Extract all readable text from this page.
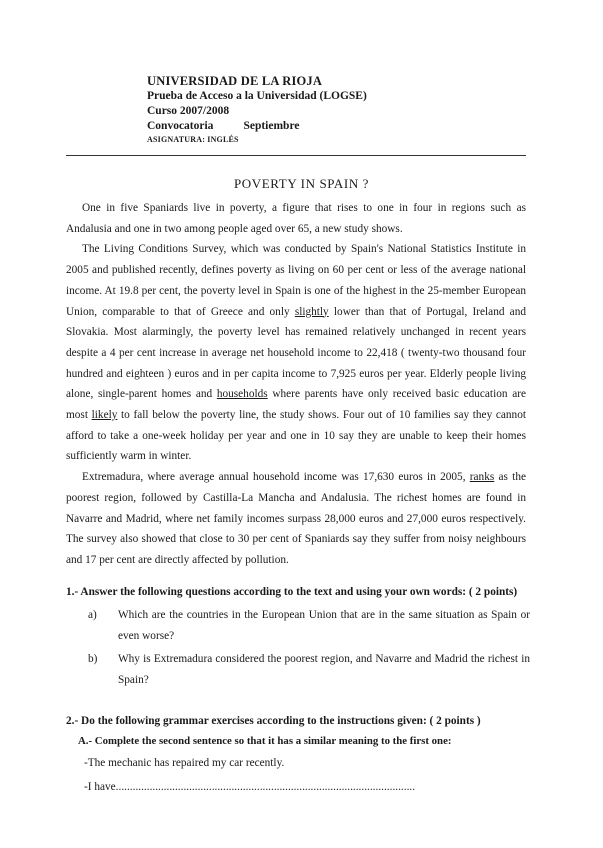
UNIVERSIDAD DE LA RIOJA
Prueba de Acceso a la Universidad (LOGSE)
Curso 2007/2008
Convocatoria	Septiembre
ASIGNATURA: INGLÉS
POVERTY IN SPAIN ?

One in five Spaniards live in poverty, a figure that rises to one in four in regions such as Andalusia and one in two among people aged over 65, a new study shows.

The Living Conditions Survey, which was conducted by Spain's National Statistics Institute in 2005 and published recently, defines poverty as living on 60 per cent or less of the average national income. At 19.8 per cent, the poverty level in Spain is one of the highest in the 25-member European Union, comparable to that of Greece and only slightly lower than that of Portugal, Ireland and Slovakia. Most alarmingly, the poverty level has remained relatively unchanged in recent years despite a 4 per cent increase in average net household income to 22,418 ( twenty-two thousand four hundred and eighteen ) euros and in per capita income to 7,925 euros per year. Elderly people living alone, single-parent homes and households where parents have only received basic education are most likely to fall below the poverty line, the study shows. Four out of 10 families say they cannot afford to take a one-week holiday per year and one in 10 say they are unable to keep their homes sufficiently warm in winter.

Extremadura, where average annual household income was 17,630 euros in 2005, ranks as the poorest region, followed by Castilla-La Mancha and Andalusia. The richest homes are found in Navarre and Madrid, where net family incomes surpass 28,000 euros and 27,000 euros respectively. The survey also showed that close to 30 per cent of Spaniards say they suffer from noisy neighbours and 17 per cent are directly affected by pollution.

1.- Answer the following questions according to the text and using your own words: ( 2 points)
a) Which are the countries in the European Union that are in the same situation as Spain or even worse?
b) Why is Extremadura considered the poorest region, and Navarre and Madrid the richest in Spain?
2.- Do the following grammar exercises according to the instructions given: ( 2 points )
A.- Complete the second sentence so that it has a similar meaning to the first one:
-The mechanic has repaired my car recently.
-I have..........................................................................................................
